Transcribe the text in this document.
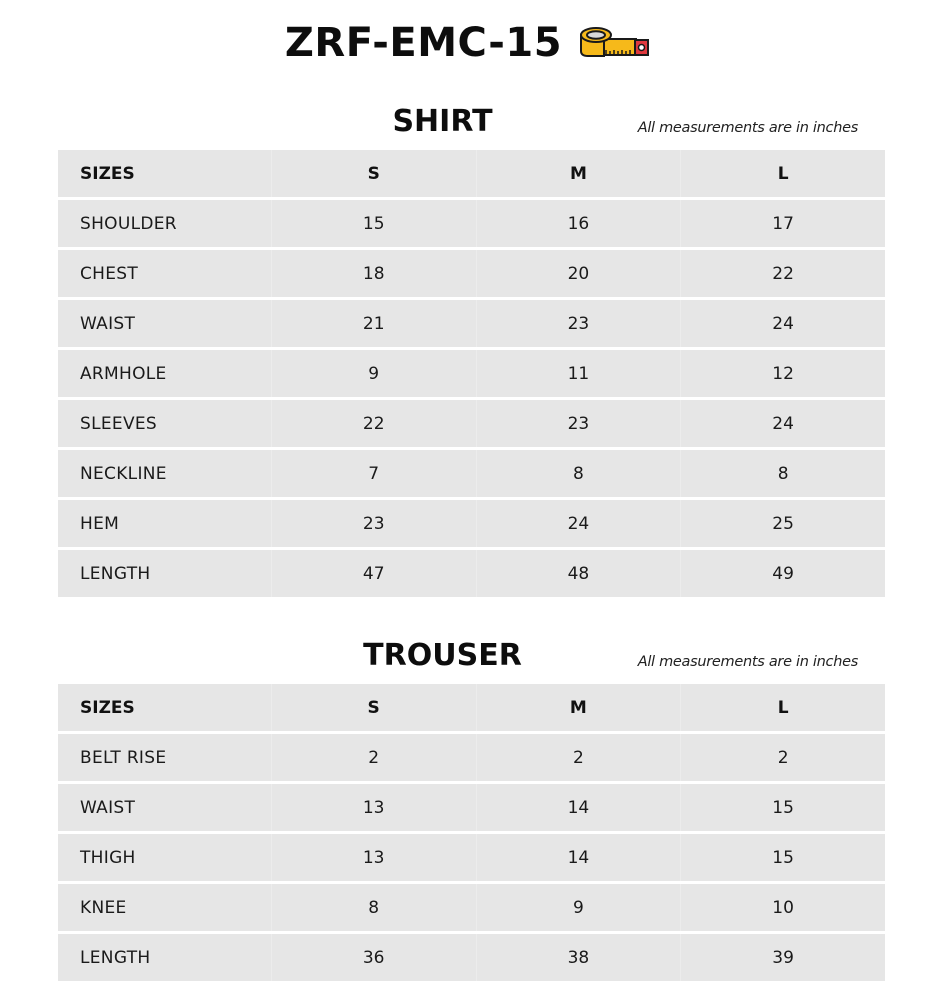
ZRF-EMC-15
SHIRT	All measurements are in inches
SIZES	S	M	L
SHOULDER	15	16	17
CHEST	18	20	22
WAIST	21	23	24
ARMHOLE	9	11	12
SLEEVES	22	23	24
NECKLINE	7	8	8
HEM	23	24	25
LENGTH	47	48	49
TROUSER	All measurements are in inches
SIZES	S	M	L
BELT RISE	2	2	2
WAIST	13	14	15
THIGH	13	14	15
KNEE	8	9	10
LENGTH	36	38	39
